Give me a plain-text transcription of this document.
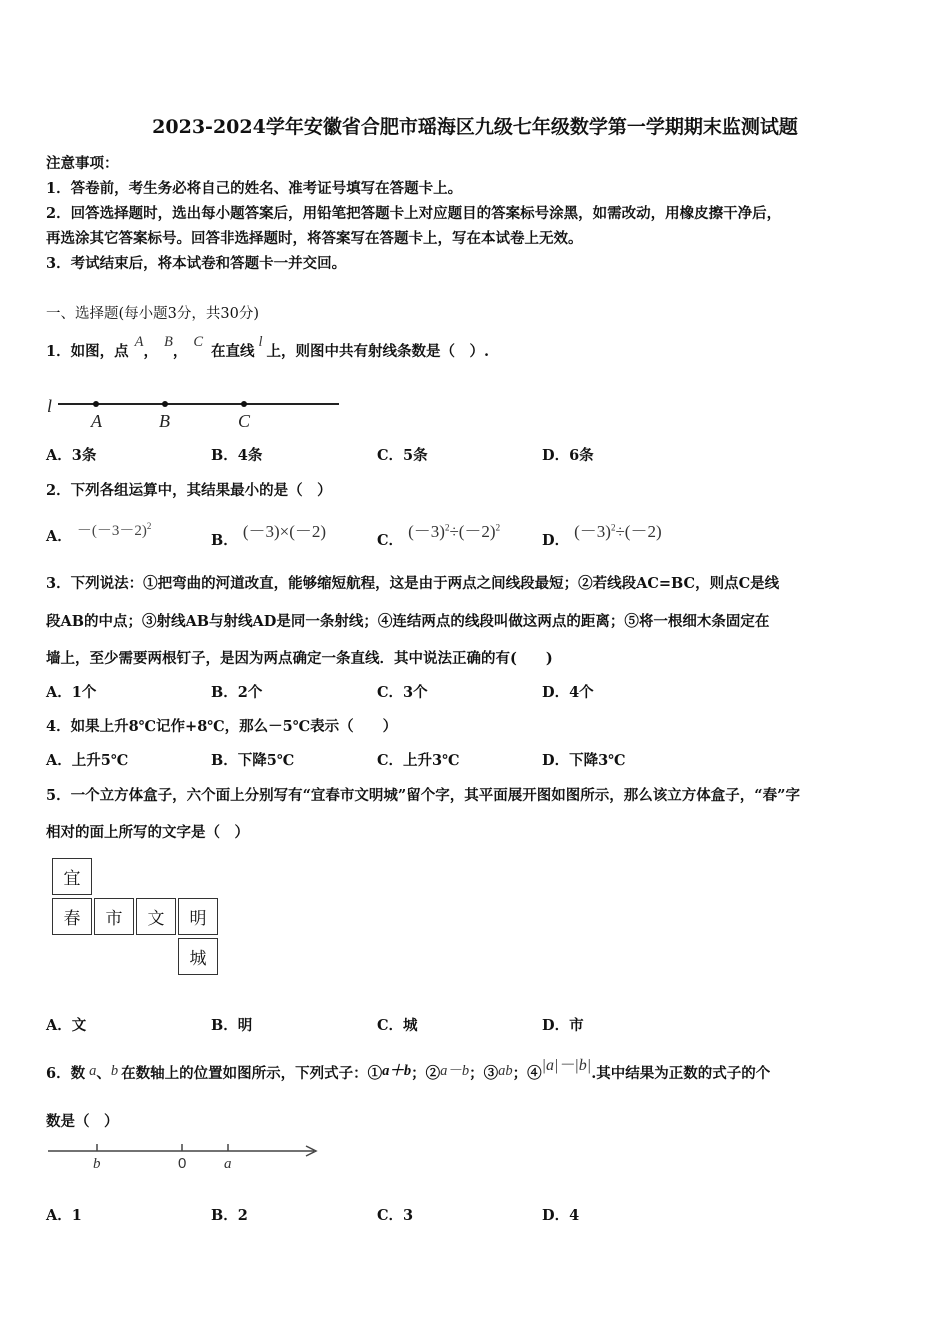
2023-2024学年安徽省合肥市瑶海区九级七年级数学第一学期期末监测试题
注意事项：
1．答卷前，考生务必将自己的姓名、准考证号填写在答题卡上。
2．回答选择题时，选出每小题答案后，用铅笔把答题卡上对应题目的答案标号涂黑，如需改动，用橡皮擦干净后，
再选涂其它答案标号。回答非选择题时，将答案写在答题卡上，写在本试卷上无效。
3．考试结束后，将本试卷和答题卡一并交回。
一、选择题(每小题3分，共30分)
1．如图，点A，B，C在直线l上，则图中共有射线条数是（　）.
l
A	B	C
A．3条	B．4条	C．5条	D．6条
2．下列各组运算中，其结果最小的是（　）
A． $-(-3-2)^2$
B． (－3)×(－2)	C． $(-3)^2\div(-2)^2$
D． $(-3)^2\div(-2)$
3．下列说法：①把弯曲的河道改直，能够缩短航程，这是由于两点之间线段最短；②若线段AC=BC，则点C是线
段AB的中点；③射线AB与射线AD是同一条射线；④连结两点的线段叫做这两点的距离；⑤将一根细木条固定在
墙上，至少需要两根钉子，是因为两点确定一条直线．其中说法正确的有(　　)
A．1个	B．2个	C．3个	D．4个
4．如果上升8℃记作+8℃，那么－5℃表示（　　）
A．上升5℃	B．下降5℃	C．上升3℃	D．下降3℃
5．一个立方体盒子，六个面上分别写有“宜春市文明城”留个字，其平面展开图如图所示，那么该立方体盒子，“春”字
相对的面上所写的文字是（　）
宜
春	市	文	明
城
A．文	B．明	C．城	D．市
6．数 a、b 在数轴上的位置如图所示，下列式子：①a＋b；②a－b；③ab；④|a|－|b|.其中结果为正数的式子的个
数是（　）
b	0	a
A．1	B．2	C．3	D．4
